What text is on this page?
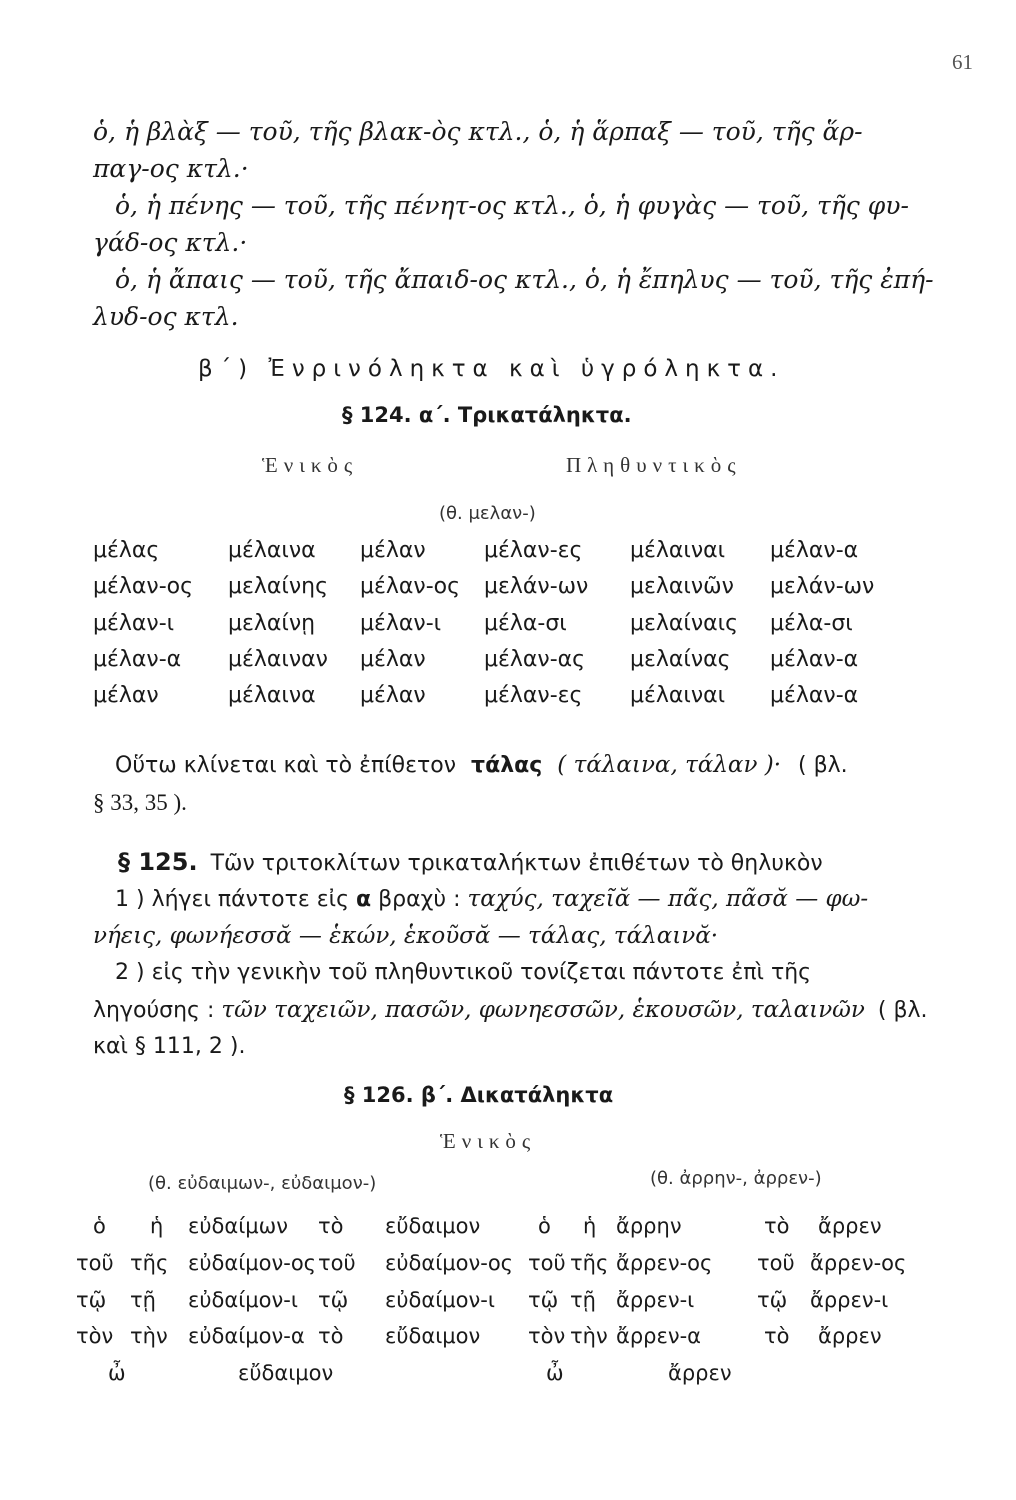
61
ὁ, ἡ βλὰξ — τοῦ, τῆς βλακ-ὸς κτλ., ὁ, ἡ ἅρπαξ — τοῦ, τῆς ἅρ-
παγ-ος κτλ.·
ὁ, ἡ πένης — τοῦ, τῆς πένητ-ος κτλ., ὁ, ἡ φυγὰς — τοῦ, τῆς φυ-
γάδ-ος κτλ.·
ὁ, ἡ ἄπαις — τοῦ, τῆς ἄπαιδ-ος κτλ., ὁ, ἡ ἔπηλυς — τοῦ, τῆς ἐπή-
λυδ-ος κτλ.
β΄) Ἐνρινόληκτα καὶ ὑγρόληκτα.
§ 124. α΄. Τρικατάληκτα.
Ἑνικὸς	Πληθυντικὸς
(θ. μελαν-)
μέλας	μέλαινα μέλαν	μέλαν-ες μέλαιναι μέλαν-α
μέλαν-ος μελαίνης μέλαν-ος μελάν-ων μελαινῶν μελάν-ων
μέλαν-ι μελαίνῃ μέλαν-ι μέλα-σι	μελαίναις μέλα-σι
μέλαν-α μέλαιναν μέλαν	μέλαν-ας μελαίνας μέλαν-α
μέλαν	μέλαινα μέλαν	μέλαν-ες μέλαιναι μέλαν-α
Οὕτω κλίνεται καὶ τὸ ἐπίθετον τάλας ( τάλαινα, τάλαν )· ( βλ.
§ 33, 35 ).
§ 125. Τῶν τριτοκλίτων τρικαταλήκτων ἐπιθέτων τὸ θηλυκὸν
1 ) λήγει πάντοτε εἰς α βραχὺ : ταχύς, ταχεῖᾰ — πᾶς, πᾶσᾰ — φω-
νήεις, φωνήεσσᾰ — ἑκών, ἑκοῦσᾰ — τάλας, τάλαινᾰ·
2 ) εἰς τὴν γενικὴν τοῦ πληθυντικοῦ τονίζεται πάντοτε ἐπὶ τῆς
ληγούσης : τῶν ταχειῶν, πασῶν, φωνηεσσῶν, ἑκουσῶν, ταλαινῶν ( βλ.
καὶ § 111, 2 ).
§ 126. β΄. Δικατάληκτα
Ἑνικὸς
(θ. εὐδαιμων-, εὐδαιμον-)	(θ. ἀρρην-, ἀρρεν-)
ὁ ἡ εὐδαίμων τὸ εὔδαιμον	ὁ ἡ ἄρρην	τὸ ἄρρεν
τοῦ τῆς εὐδαίμον-ος τοῦ εὐδαίμον-ος τοῦ τῆς ἄρρεν-ος τοῦ ἄρρεν-ος
τῷ τῇ εὐδαίμον-ι τῷ εὐδαίμον-ι τῷ τῇ ἄρρεν-ι	τῷ ἄρρεν-ι
τὸν τὴν εὐδαίμον-α τὸ εὔδαιμον τὸν τὴν ἄρρεν-α	τὸ ἄρρεν
ὦ	εὔδαιμον	ὦ	ἄρρεν
